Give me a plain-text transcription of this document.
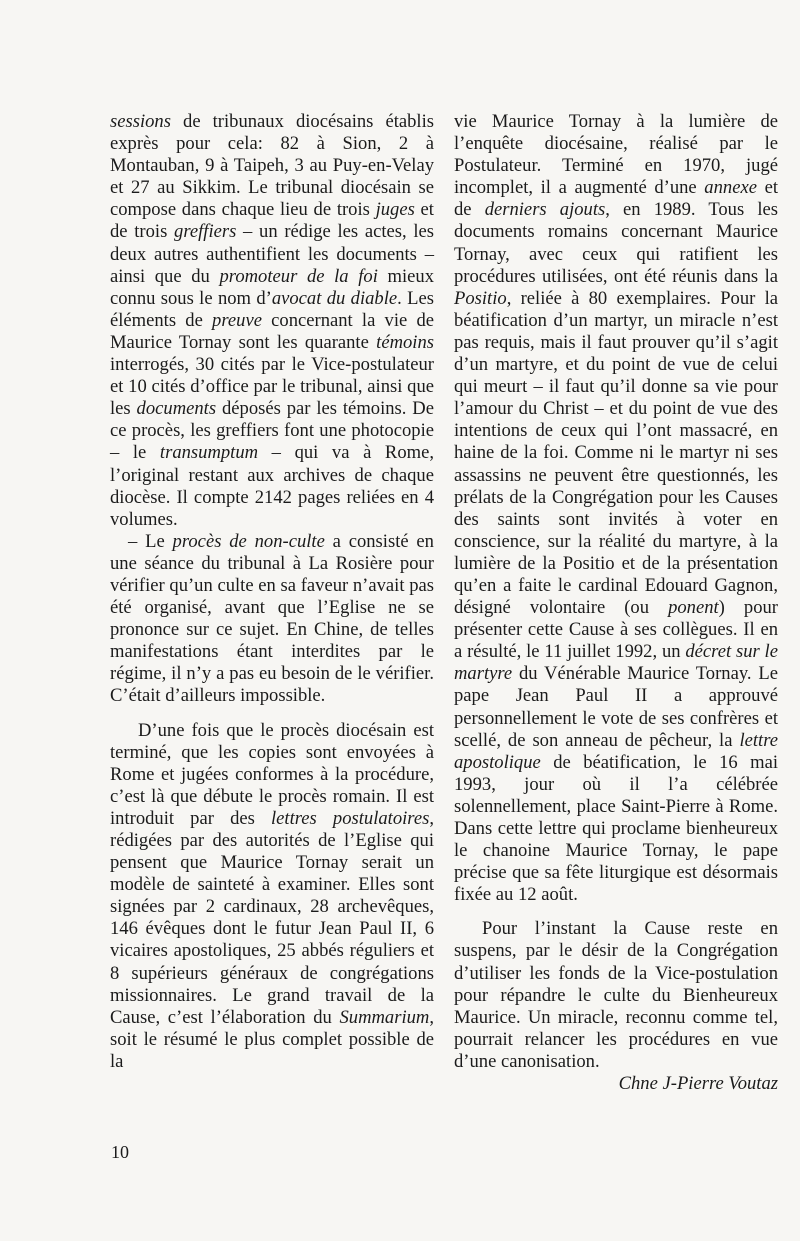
sessions de tribunaux diocésains établis exprès pour cela: 82 à Sion, 2 à Montauban, 9 à Taipeh, 3 au Puy-en-Velay et 27 au Sikkim. Le tribunal diocésain se compose dans chaque lieu de trois juges et de trois greffiers – un rédige les actes, les deux autres authentifient les documents – ainsi que du promoteur de la foi mieux connu sous le nom d’avocat du diable. Les éléments de preuve concernant la vie de Maurice Tornay sont les quarante témoins interrogés, 30 cités par le Vice-postulateur et 10 cités d’office par le tribunal, ainsi que les documents déposés par les témoins. De ce procès, les greffiers font une photocopie – le transumptum – qui va à Rome, l’original restant aux archives de chaque diocèse. Il compte 2142 pages reliées en 4 volumes.

– Le procès de non-culte a consisté en une séance du tribunal à La Rosière pour vérifier qu’un culte en sa faveur n’avait pas été organisé, avant que l’Eglise ne se prononce sur ce sujet. En Chine, de telles manifestations étant interdites par le régime, il n’y a pas eu besoin de le vérifier. C’était d’ailleurs impossible.

D’une fois que le procès diocésain est terminé, que les copies sont envoyées à Rome et jugées conformes à la procédure, c’est là que débute le procès romain. Il est introduit par des lettres postulatoires, rédigées par des autorités de l’Eglise qui pensent que Maurice Tornay serait un modèle de sainteté à examiner. Elles sont signées par 2 cardinaux, 28 archevêques, 146 évêques dont le futur Jean Paul II, 6 vicaires apostoliques, 25 abbés réguliers et 8 supérieurs généraux de congrégations missionnaires. Le grand travail de la Cause, c’est l’élaboration du Summarium, soit le résumé le plus complet possible de la

vie Maurice Tornay à la lumière de l’enquête diocésaine, réalisé par le Postulateur. Terminé en 1970, jugé incomplet, il a augmenté d’une annexe et de derniers ajouts, en 1989. Tous les documents romains concernant Maurice Tornay, avec ceux qui ratifient les procédures utilisées, ont été réunis dans la Positio, reliée à 80 exemplaires. Pour la béatification d’un martyr, un miracle n’est pas requis, mais il faut prouver qu’il s’agit d’un martyre, et du point de vue de celui qui meurt – il faut qu’il donne sa vie pour l’amour du Christ – et du point de vue des intentions de ceux qui l’ont massacré, en haine de la foi. Comme ni le martyr ni ses assassins ne peuvent être questionnés, les prélats de la Congrégation pour les Causes des saints sont invités à voter en conscience, sur la réalité du martyre, à la lumière de la Positio et de la présentation qu’en a faite le cardinal Edouard Gagnon, désigné volontaire (ou ponent) pour présenter cette Cause à ses collègues. Il en a résulté, le 11 juillet 1992, un décret sur le martyre du Vénérable Maurice Tornay. Le pape Jean Paul II a approuvé personnellement le vote de ses confrères et scellé, de son anneau de pêcheur, la lettre apostolique de béatification, le 16 mai 1993, jour où il l’a célébrée solennellement, place Saint-Pierre à Rome. Dans cette lettre qui proclame bienheureux le chanoine Maurice Tornay, le pape précise que sa fête liturgique est désormais fixée au 12 août.

Pour l’instant la Cause reste en suspens, par le désir de la Congrégation d’utiliser les fonds de la Vice-postulation pour répandre le culte du Bienheureux Maurice. Un miracle, reconnu comme tel, pourrait relancer les procédures en vue d’une canonisation.

Chne J-Pierre Voutaz

10
